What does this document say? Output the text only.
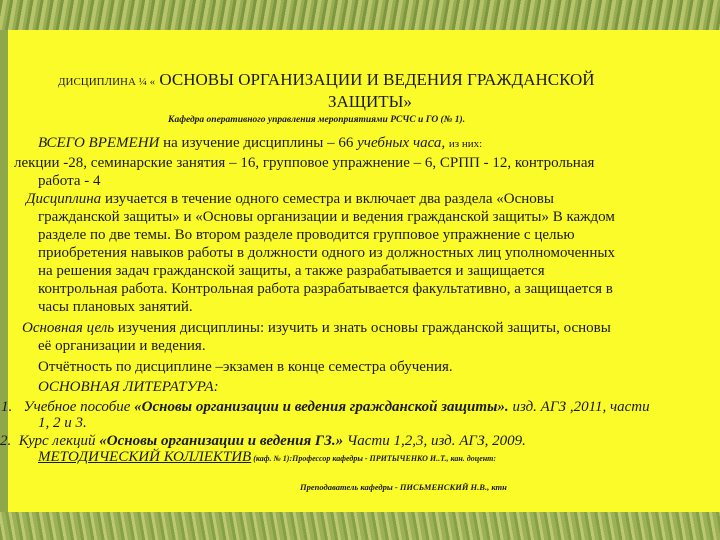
ДИСЦИПЛИНА ¼ « ОСНОВЫ ОРГАНИЗАЦИИ И ВЕДЕНИЯ ГРАЖДАНСКОЙ
ЗАЩИТЫ»
Кафедра оперативного управления мероприятиями РСЧС и ГО (№ 1).
ВСЕГО ВРЕМЕНИ на изучение дисциплины – 66 учебных часа, из них:
лекции -28, семинарские занятия – 16, групповое упражнение – 6, СРПП - 12, контрольная
работа - 4
Дисциплина изучается в течение одного семестра и включает два раздела «Основы
гражданской защиты» и «Основы организации и ведения гражданской защиты» В каждом
разделе по две темы. Во втором разделе проводится групповое упражнение с целью
приобретения навыков работы в должности одного из должностных лиц уполномоченных
на решения задач гражданской защиты, а также разрабатывается и защищается
контрольная работа. Контрольная работа разрабатывается факультативно, а защищается в
часы плановых занятий.
Основная цель изучения дисциплины: изучить и знать основы гражданской защиты, основы
её организации и ведения.
Отчётность по дисциплине –экзамен в конце семестра обучения.
ОСНОВНАЯ ЛИТЕРАТУРА:
1. Учебное пособие «Основы организации и ведения гражданской защиты». изд. АГЗ ,2011, части
1, 2 и 3.
2. Курс лекций «Основы организации и ведения ГЗ.» Части 1,2,3, изд. АГЗ, 2009.
МЕТОДИЧЕСКИЙ КОЛЛЕКТИВ (каф. № 1):Профессор кафедры - ПРИТЫЧЕНКО И..Т., кан. доцент:
Преподаватель кафедры - ПИСЬМЕНСКИЙ Н.В., ктн
